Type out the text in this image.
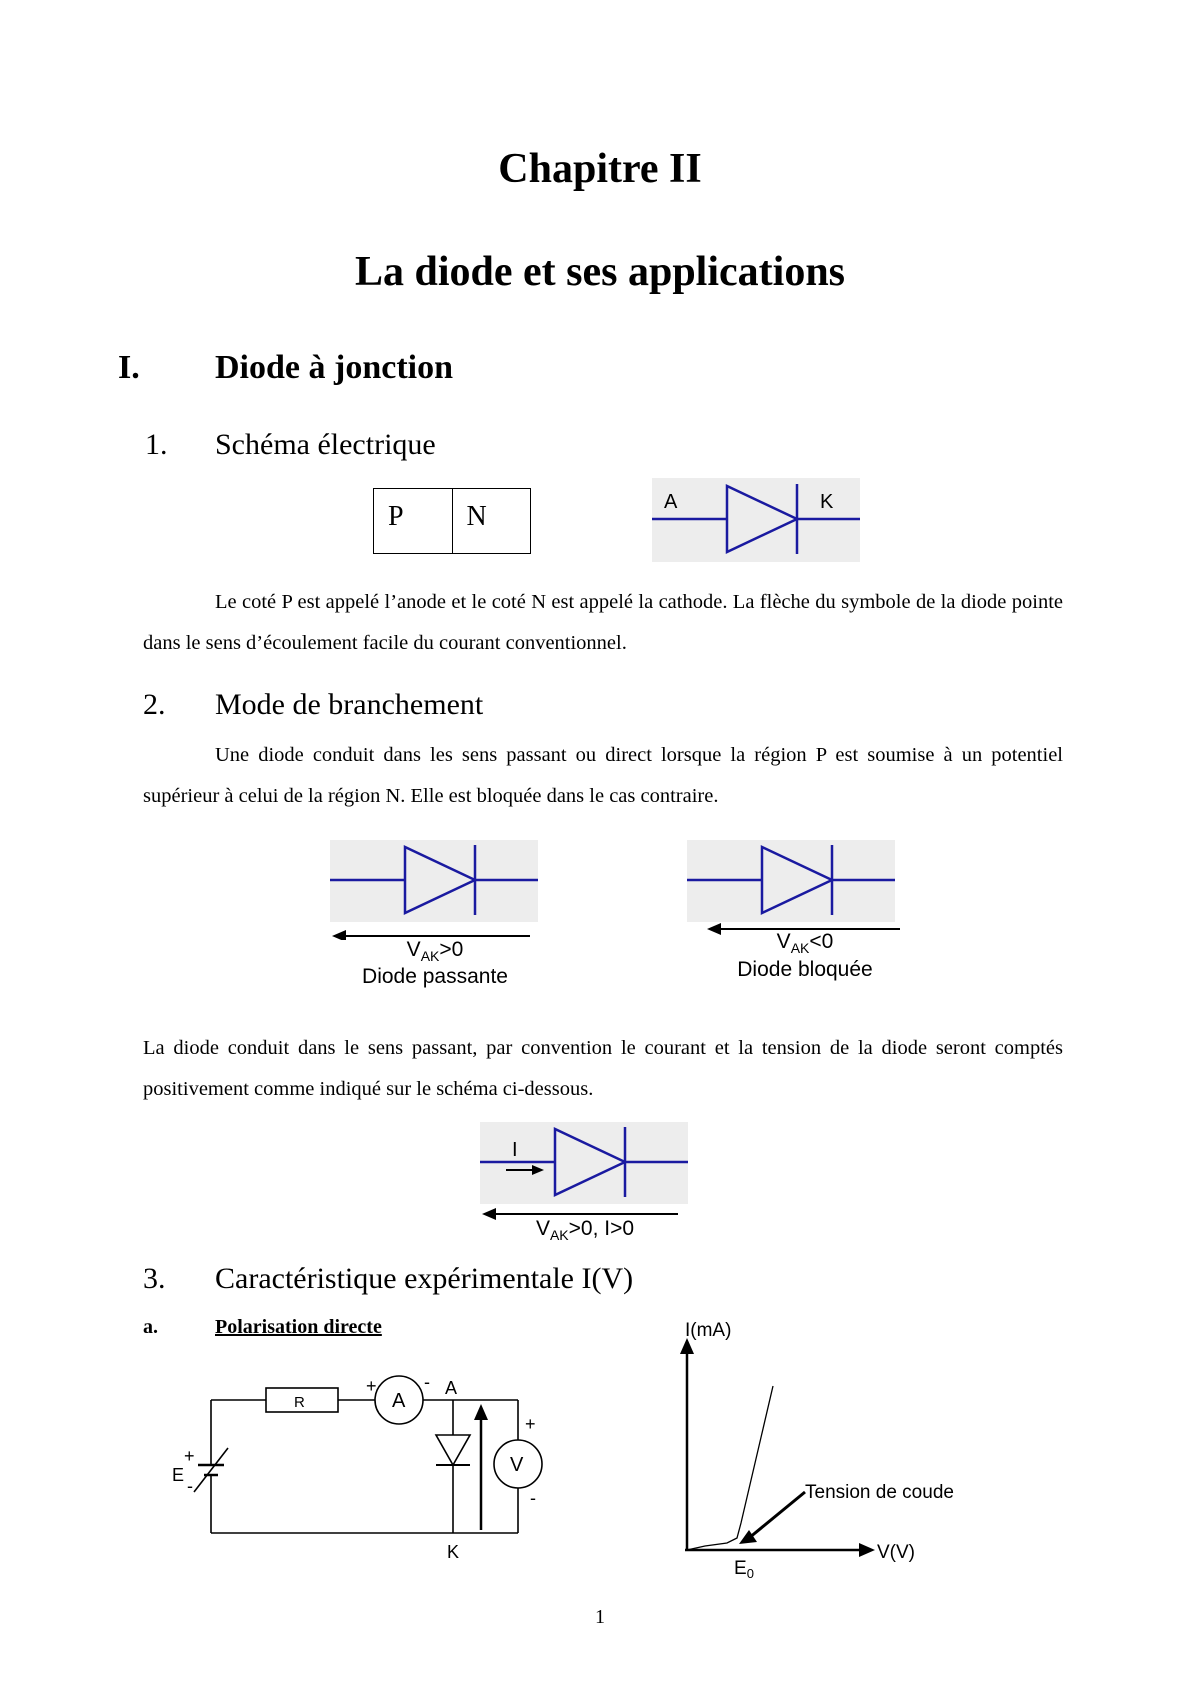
Chapitre II
La diode et ses applications
I. Diode à jonction
1. Schéma électrique
P	N	A	K
Le coté P est appelé l’anode et le coté N est appelé la cathode. La flèche du symbole de la diode pointe dans le sens d’écoulement facile du courant conventionnel.
2. Mode de branchement
Une diode conduit dans les sens passant ou direct lorsque la région P est soumise à un potentiel supérieur à celui de la région N. Elle est bloquée dans le cas contraire.
$V_{AK}>0$
Diode passante
$V_{AK}<0$
Diode bloquée
La diode conduit dans le sens passant, par convention le courant et la tension de la diode seront comptés positivement comme indiqué sur le schéma ci-dessous.
I
$V_{AK}>0$, I>0
3. Caractéristique expérimentale I(V)
a.	Polarisation directe
R	A
V
+	- A
+
-
+
E
-
K
I(mA)
V(V)
Tension de coude
$E_0$
1
